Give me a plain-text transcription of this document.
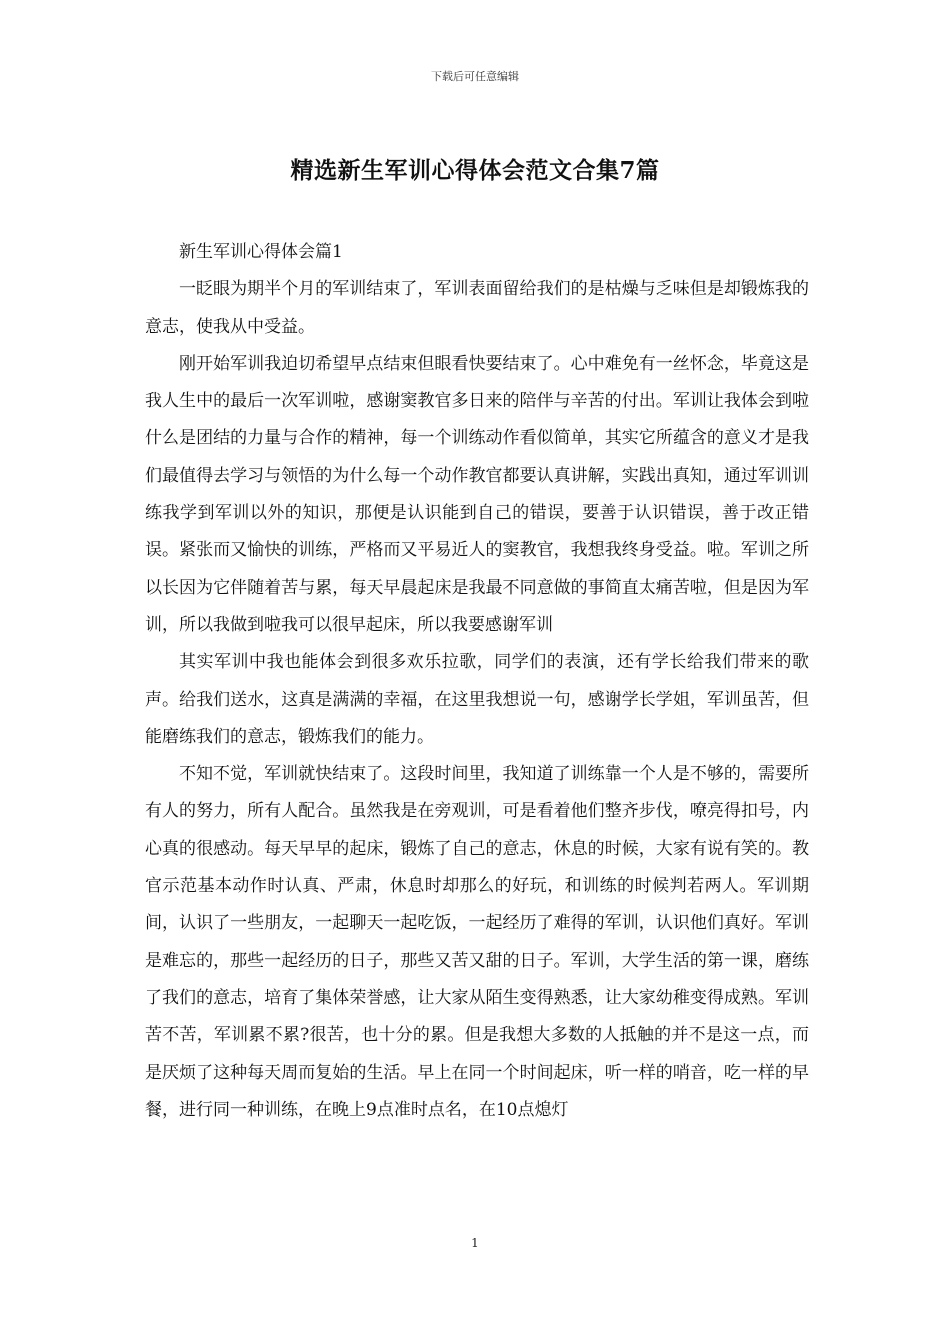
下载后可任意编辑
精选新生军训心得体会范文合集7篇

新生军训心得体会篇1

一眨眼为期半个月的军训结束了，军训表面留给我们的是枯燥与乏味但是却锻炼我的意志，使我从中受益。

刚开始军训我迫切希望早点结束但眼看快要结束了。心中难免有一丝怀念，毕竟这是我人生中的最后一次军训啦，感谢窦教官多日来的陪伴与辛苦的付出。军训让我体会到啦什么是团结的力量与合作的精神，每一个训练动作看似简单，其实它所蕴含的意义才是我们最值得去学习与领悟的为什么每一个动作教官都要认真讲解，实践出真知，通过军训训练我学到军训以外的知识，那便是认识能到自己的错误，要善于认识错误，善于改正错误。紧张而又愉快的训练，严格而又平易近人的窦教官，我想我终身受益。啦。军训之所以长因为它伴随着苦与累，每天早晨起床是我最不同意做的事简直太痛苦啦，但是因为军训，所以我做到啦我可以很早起床，所以我要感谢军训

其实军训中我也能体会到很多欢乐拉歌，同学们的表演，还有学长给我们带来的歌声。给我们送水，这真是满满的幸福，在这里我想说一句，感谢学长学姐，军训虽苦，但能磨练我们的意志，锻炼我们的能力。

不知不觉，军训就快结束了。这段时间里，我知道了训练靠一个人是不够的，需要所有人的努力，所有人配合。虽然我是在旁观训，可是看着他们整齐步伐，嘹亮得扣号，内心真的很感动。每天早早的起床，锻炼了自己的意志，休息的时候，大家有说有笑的。教官示范基本动作时认真、严肃，休息时却那么的好玩，和训练的时候判若两人。军训期间，认识了一些朋友，一起聊天一起吃饭，一起经历了难得的军训，认识他们真好。军训是难忘的，那些一起经历的日子，那些又苦又甜的日子。军训，大学生活的第一课，磨练了我们的意志，培育了集体荣誉感，让大家从陌生变得熟悉，让大家幼稚变得成熟。军训苦不苦，军训累不累?很苦，也十分的累。但是我想大多数的人抵触的并不是这一点，而是厌烦了这种每天周而复始的生活。早上在同一个时间起床，听一样的哨音，吃一样的早餐，进行同一种训练，在晚上9点准时点名，在10点熄灯

1
